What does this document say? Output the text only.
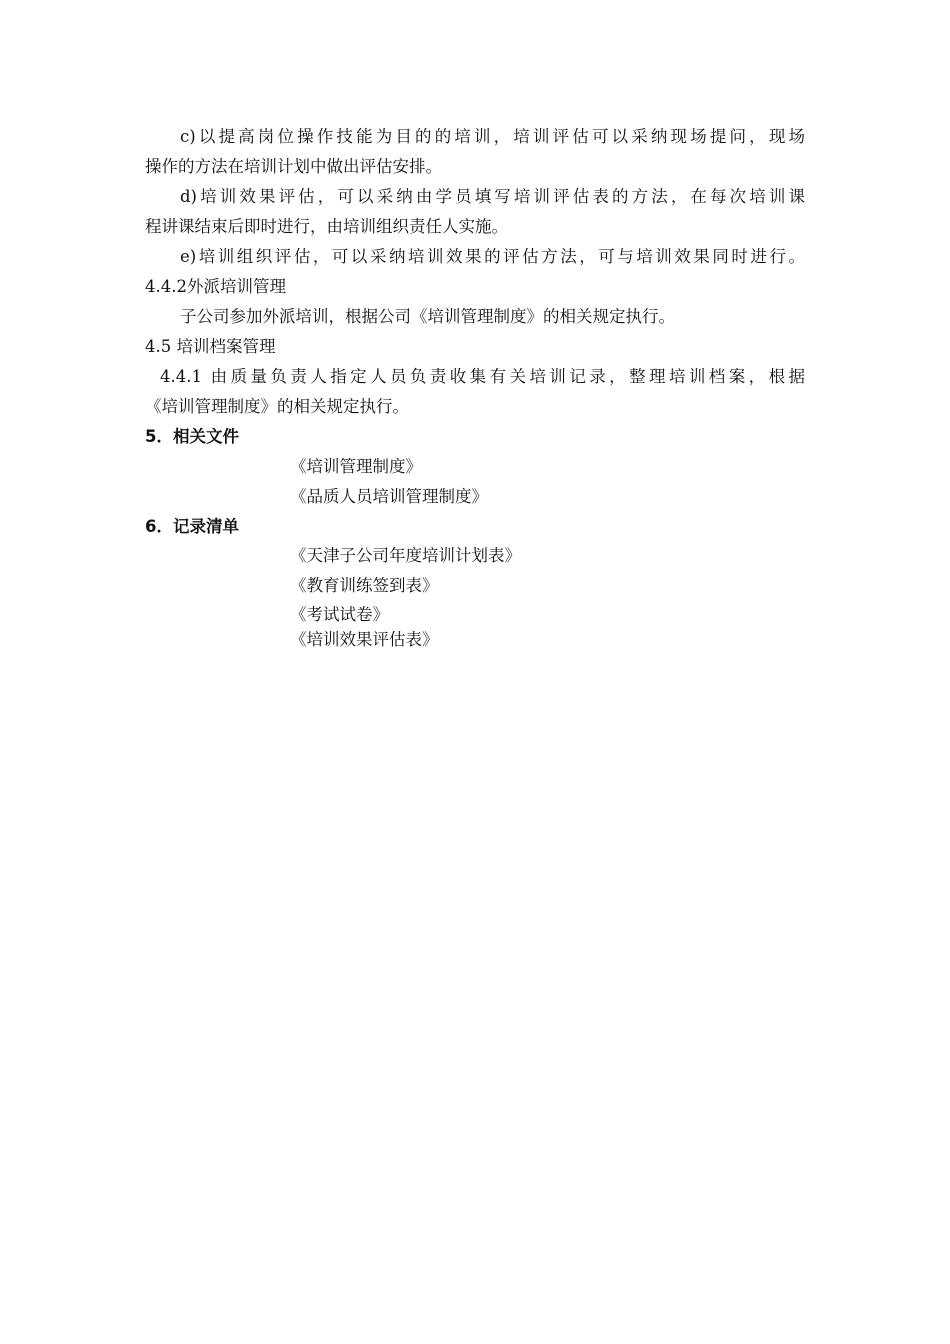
c)以提高岗位操作技能为目的的培训，培训评估可以采纳现场提问，现场
操作的方法在培训计划中做出评估安排。
d)培训效果评估，可以采纳由学员填写培训评估表的方法，在每次培训课
程讲课结束后即时进行，由培训组织责任人实施。
e)培训组织评估，可以采纳培训效果的评估方法，可与培训效果同时进行。
4.4.2外派培训管理
子公司参加外派培训，根据公司《培训管理制度》的相关规定执行。
4.5 培训档案管理
4.4.1 由质量负责人指定人员负责收集有关培训记录，整理培训档案，根据
《培训管理制度》的相关规定执行。
5．相关文件
《培训管理制度》
《品质人员培训管理制度》
6．记录清单
《天津子公司年度培训计划表》
《教育训练签到表》
《考试试卷》
《培训效果评估表》
